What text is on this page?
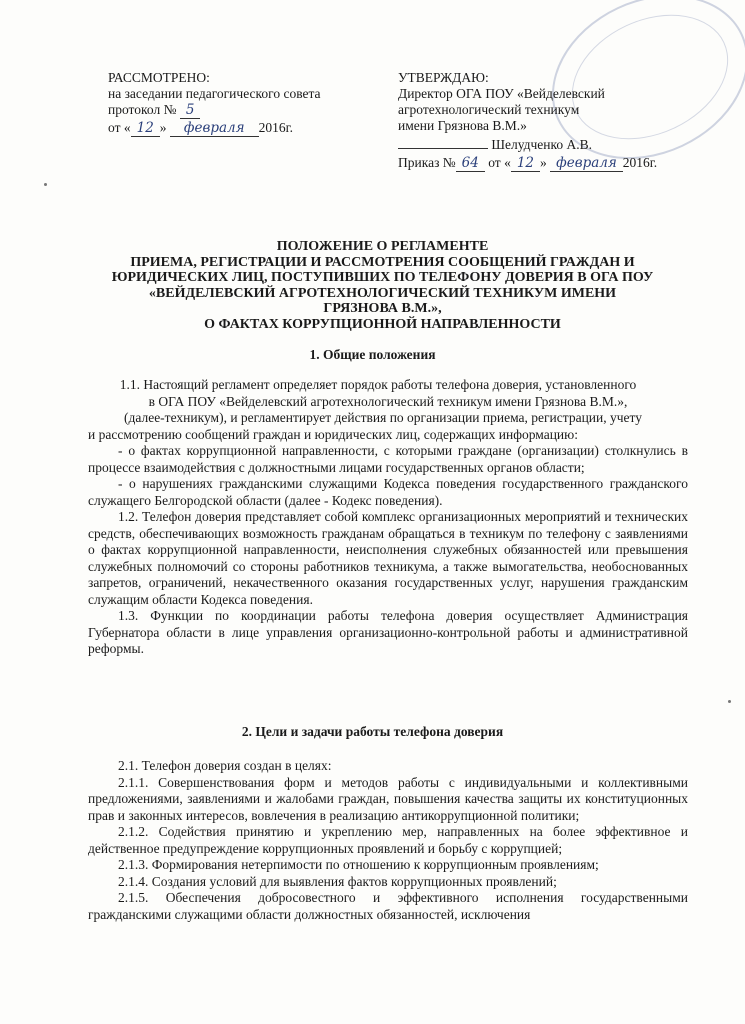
РАССМОТРЕНО:
на заседании педагогического совета
протокол № 5
от « 12 » февраля 2016г.
УТВЕРЖДАЮ:
Директор ОГА ПОУ «Вейделевский
агротехнологический техникум
имени Грязнова В.М.»
Шелудченко А.В.
Приказ № 64 от « 12 » февраля 2016г.
ПОЛОЖЕНИЕ О РЕГЛАМЕНТЕ
ПРИЕМА, РЕГИСТРАЦИИ И РАССМОТРЕНИЯ СООБЩЕНИЙ ГРАЖДАН И
ЮРИДИЧЕСКИХ ЛИЦ, ПОСТУПИВШИХ ПО ТЕЛЕФОНУ ДОВЕРИЯ В ОГА ПОУ
«ВЕЙДЕЛЕВСКИЙ АГРОТЕХНОЛОГИЧЕСКИЙ ТЕХНИКУМ ИМЕНИ
ГРЯЗНОВА В.М.»,
О ФАКТАХ КОРРУПЦИОННОЙ НАПРАВЛЕННОСТИ
1. Общие положения

1.1. Настоящий регламент определяет порядок работы телефона доверия, установленного

в ОГА ПОУ «Вейделевский агротехнологический техникум имени Грязнова В.М.»,

(далее-техникум), и регламентирует действия по организации приема, регистрации, учету

и рассмотрению сообщений граждан и юридических лиц, содержащих информацию:

- о фактах коррупционной направленности, с которыми граждане (организации) столкнулись в процессе взаимодействия с должностными лицами государственных органов области;

- о нарушениях гражданскими служащими Кодекса поведения государственного гражданского служащего Белгородской области (далее - Кодекс поведения).

1.2. Телефон доверия представляет собой комплекс организационных мероприятий и технических средств, обеспечивающих возможность гражданам обращаться в техникум по телефону с заявлениями о фактах коррупционной направленности, неисполнения служебных обязанностей или превышения служебных полномочий со стороны работников техникума, а также вымогательства, необоснованных запретов, ограничений, некачественного оказания государственных услуг, нарушения гражданским служащим области Кодекса поведения.

1.3. Функции по координации работы телефона доверия осуществляет Администрация Губернатора области в лице управления организационно-контрольной работы и административной реформы.

2. Цели и задачи работы телефона доверия

2.1. Телефон доверия создан в целях:

2.1.1. Совершенствования форм и методов работы с индивидуальными и коллективными предложениями, заявлениями и жалобами граждан, повышения качества защиты их конституционных прав и законных интересов, вовлечения в реализацию антикоррупционной политики;

2.1.2. Содействия принятию и укреплению мер, направленных на более эффективное и действенное предупреждение коррупционных проявлений и борьбу с коррупцией;

2.1.3. Формирования нетерпимости по отношению к коррупционным проявлениям;

2.1.4. Создания условий для выявления фактов коррупционных проявлений;

2.1.5. Обеспечения добросовестного и эффективного исполнения государственными гражданскими служащими области должностных обязанностей, исключения
